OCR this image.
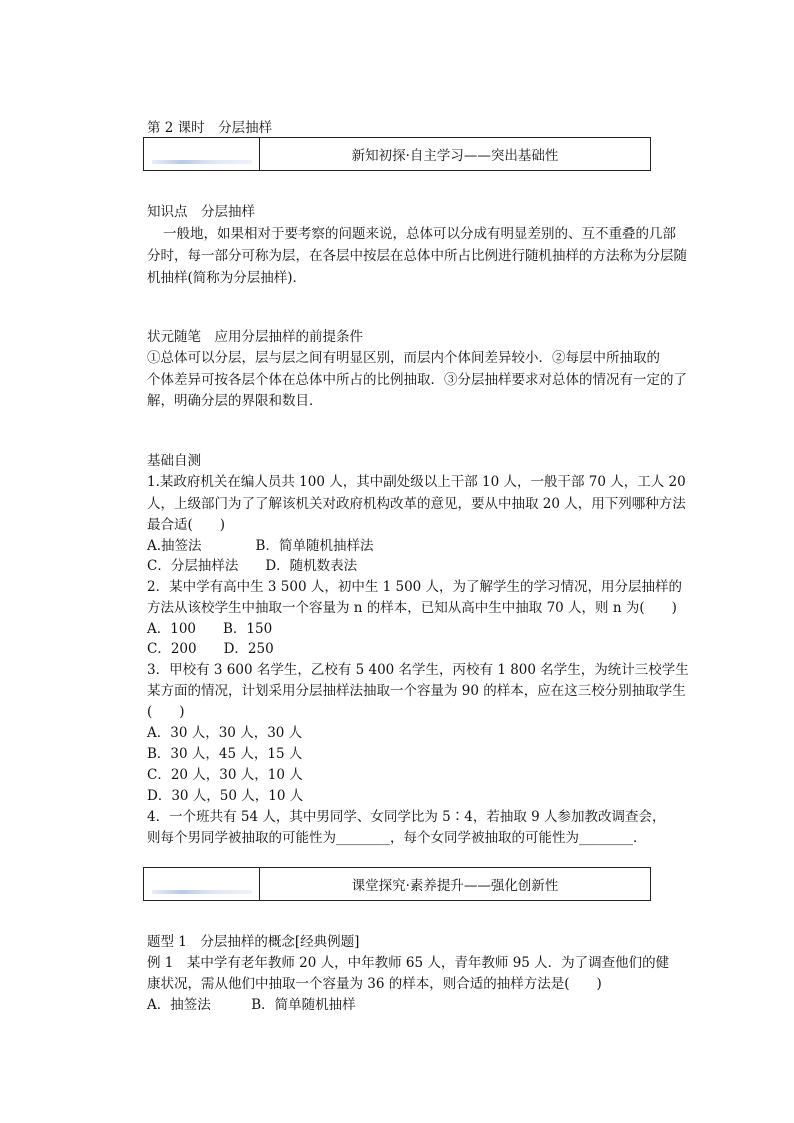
第 2 课时　分层抽样
新知初探·自主学习——突出基础性
知识点　分层抽样
一般地，如果相对于要考察的问题来说，总体可以分成有明显差别的、互不重叠的几部
分时，每一部分可称为层，在各层中按层在总体中所占比例进行随机抽样的方法称为分层随
机抽样(简称为分层抽样)．
状元随笔　应用分层抽样的前提条件
①总体可以分层，层与层之间有明显区别，而层内个体间差异较小．②每层中所抽取的
个体差异可按各层个体在总体中所占的比例抽取．③分层抽样要求对总体的情况有一定的了
解，明确分层的界限和数目．
基础自测
1.某政府机关在编人员共 100 人，其中副处级以上干部 10 人，一般干部 70 人，工人 20
人，上级部门为了了解该机关对政府机构改革的意见，要从中抽取 20 人，用下列哪种方法
最合适(　　)
A.抽签法　　　　B．简单随机抽样法
C．分层抽样法　　D．随机数表法
2．某中学有高中生 3 500 人，初中生 1 500 人，为了解学生的学习情况，用分层抽样的
方法从该校学生中抽取一个容量为 n 的样本，已知从高中生中抽取 70 人，则 n 为(　　)
A．100　　B．150
C．200　　D．250
3．甲校有 3 600 名学生，乙校有 5 400 名学生，丙校有 1 800 名学生，为统计三校学生
某方面的情况，计划采用分层抽样法抽取一个容量为 90 的样本，应在这三校分别抽取学生
(　　)
A．30 人，30 人，30 人
B．30 人，45 人，15 人
C．20 人，30 人，10 人
D．30 人，50 人，10 人
4．一个班共有 54 人，其中男同学、女同学比为 5∶4，若抽取 9 人参加教改调查会，
则每个男同学被抽取的可能性为________，每个女同学被抽取的可能性为________．
课堂探究·素养提升——强化创新性
题型 1　分层抽样的概念[经典例题]
例 1　某中学有老年教师 20 人，中年教师 65 人，青年教师 95 人．为了调查他们的健
康状况，需从他们中抽取一个容量为 36 的样本，则合适的抽样方法是(　　)
A．抽签法　　　B．简单随机抽样
